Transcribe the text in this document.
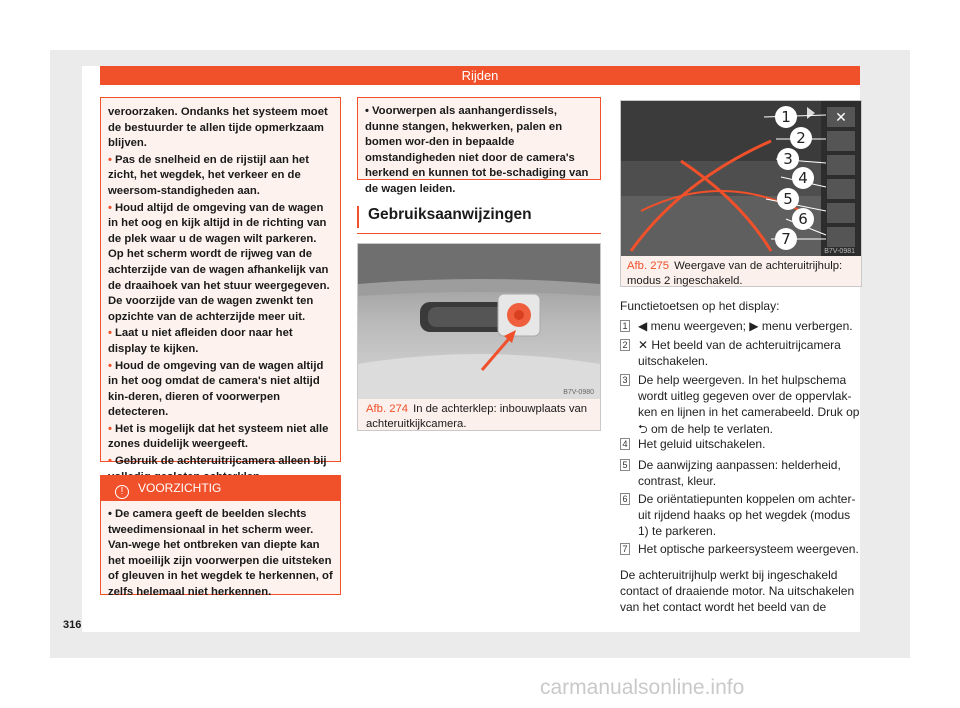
Rijden

veroorzaken. Ondanks het systeem moet de bestuurder te allen tijde opmerkzaam blijven.

• Pas de snelheid en de rijstijl aan het zicht, het wegdek, het verkeer en de weersom-standigheden aan.

• Houd altijd de omgeving van de wagen in het oog en kijk altijd in de richting van de plek waar u de wagen wilt parkeren. Op het scherm wordt de rijweg van de achterzijde van de wagen afhankelijk van de draaihoek van het stuur weergegeven. De voorzijde van de wagen zwenkt ten opzichte van de achterzijde meer uit.

• Laat u niet afleiden door naar het display te kijken.

• Houd de omgeving van de wagen altijd in het oog omdat de camera's niet altijd kin-deren, dieren of voorwerpen detecteren.

• Het is mogelijk dat het systeem niet alle zones duidelijk weergeeft.

• Gebruik de achteruitrijcamera alleen bij

! VOORZICHTIG
• De camera geeft de beelden slechts tweedimensionaal in het scherm weer. Van-wege het ontbreken van diepte kan het moeilijk zijn voorwerpen die uitsteken of gleuven in het wegdek te herkennen, of zelfs helemaal niet herkennen.
• Voorwerpen als aanhangerdissels, dunne stangen, hekwerken, palen en bomen wor-den in bepaalde omstandigheden niet door de camera's herkend en kunnen tot be-schadiging van de wagen leiden.
Gebruiksaanwijzingen
B7V-0980
Afb. 274 In de achterklep: inbouwplaats van achteruitkijkcamera.
✕
1
2
3
4
5
6
7
B7V-0981
Afb. 275 Weergave van de achteruitrijhulp: modus 2 ingeschakeld.
Functietoetsen op het display:
1 ◀ menu weergeven; ▶ menu verbergen.
2 ✕ Het beeld van de achteruitrijcamera uitschakelen.
3 De help weergeven. In het hulpschema wordt uitleg gegeven over de oppervlak-ken en lijnen in het camerabeeld. Druk op ⮌ om de help te verlaten.
4 Het geluid uitschakelen.
5 De aanwijzing aanpassen: helderheid, contrast, kleur.
6 De oriëntatiepunten koppelen om achter-uit rijdend haaks op het wegdek (modus 1) te parkeren.
7 Het optische parkeersysteem weergeven.
De achteruitrijhulp werkt bij ingeschakeld contact of draaiende motor. Na uitschakelen van het contact wordt het beeld van de
316
carmanualsonline.info
